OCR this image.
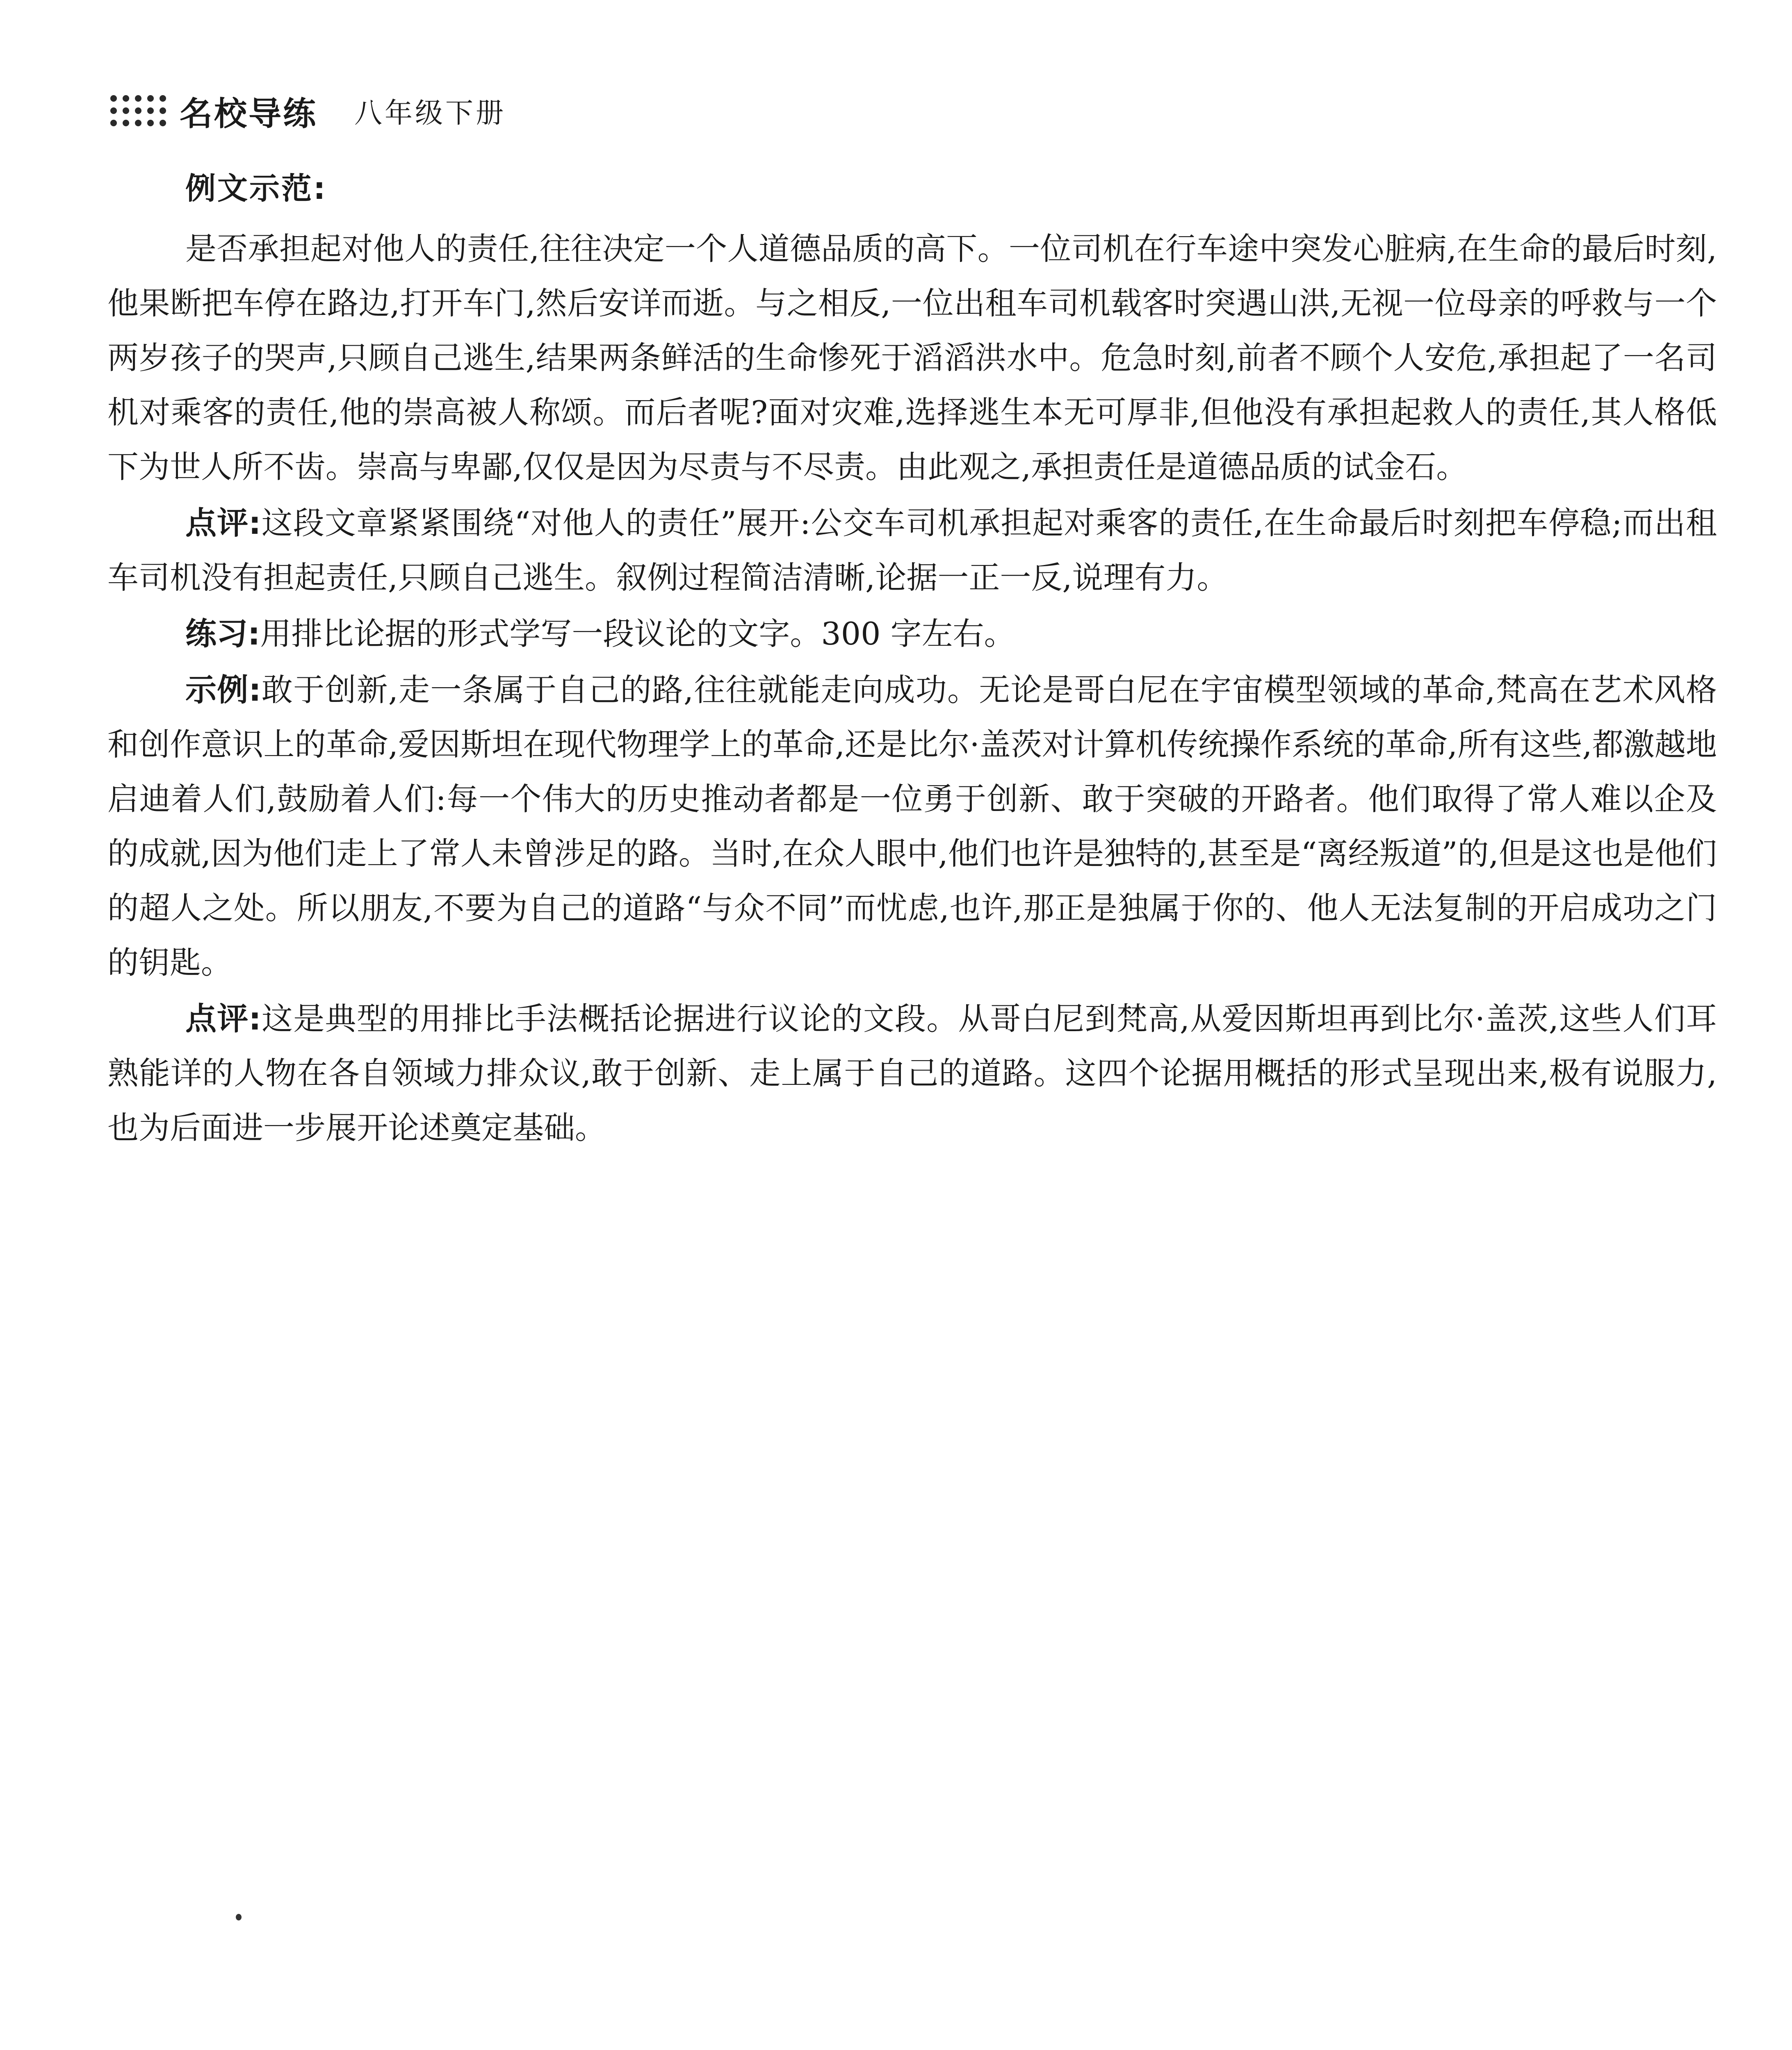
名校导练 八年级下册

例文示范:

是否承担起对他人的责任,往往决定一个人道德品质的高下。一位司机在行车途中突发心脏病,在生命的最后时刻,他果断把车停在路边,打开车门,然后安详而逝。与之相反,一位出租车司机载客时突遇山洪,无视一位母亲的呼救与一个两岁孩子的哭声,只顾自己逃生,结果两条鲜活的生命惨死于滔滔洪水中。危急时刻,前者不顾个人安危,承担起了一名司机对乘客的责任,他的崇高被人称颂。而后者呢?面对灾难,选择逃生本无可厚非,但他没有承担起救人的责任,其人格低下为世人所不齿。崇高与卑鄙,仅仅是因为尽责与不尽责。由此观之,承担责任是道德品质的试金石。

点评:这段文章紧紧围绕“对他人的责任”展开:公交车司机承担起对乘客的责任,在生命最后时刻把车停稳;而出租车司机没有担起责任,只顾自己逃生。叙例过程简洁清晰,论据一正一反,说理有力。

练习:用排比论据的形式学写一段议论的文字。300 字左右。

示例:敢于创新,走一条属于自己的路,往往就能走向成功。无论是哥白尼在宇宙模型领域的革命,梵高在艺术风格和创作意识上的革命,爱因斯坦在现代物理学上的革命,还是比尔·盖茨对计算机传统操作系统的革命,所有这些,都激越地启迪着人们,鼓励着人们:每一个伟大的历史推动者都是一位勇于创新、敢于突破的开路者。他们取得了常人难以企及的成就,因为他们走上了常人未曾涉足的路。当时,在众人眼中,他们也许是独特的,甚至是“离经叛道”的,但是这也是他们的超人之处。所以朋友,不要为自己的道路“与众不同”而忧虑,也许,那正是独属于你的、他人无法复制的开启成功之门的钥匙。

点评:这是典型的用排比手法概括论据进行议论的文段。从哥白尼到梵高,从爱因斯坦再到比尔·盖茨,这些人们耳熟能详的人物在各自领域力排众议,敢于创新、走上属于自己的道路。这四个论据用概括的形式呈现出来,极有说服力,也为后面进一步展开论述奠定基础。
